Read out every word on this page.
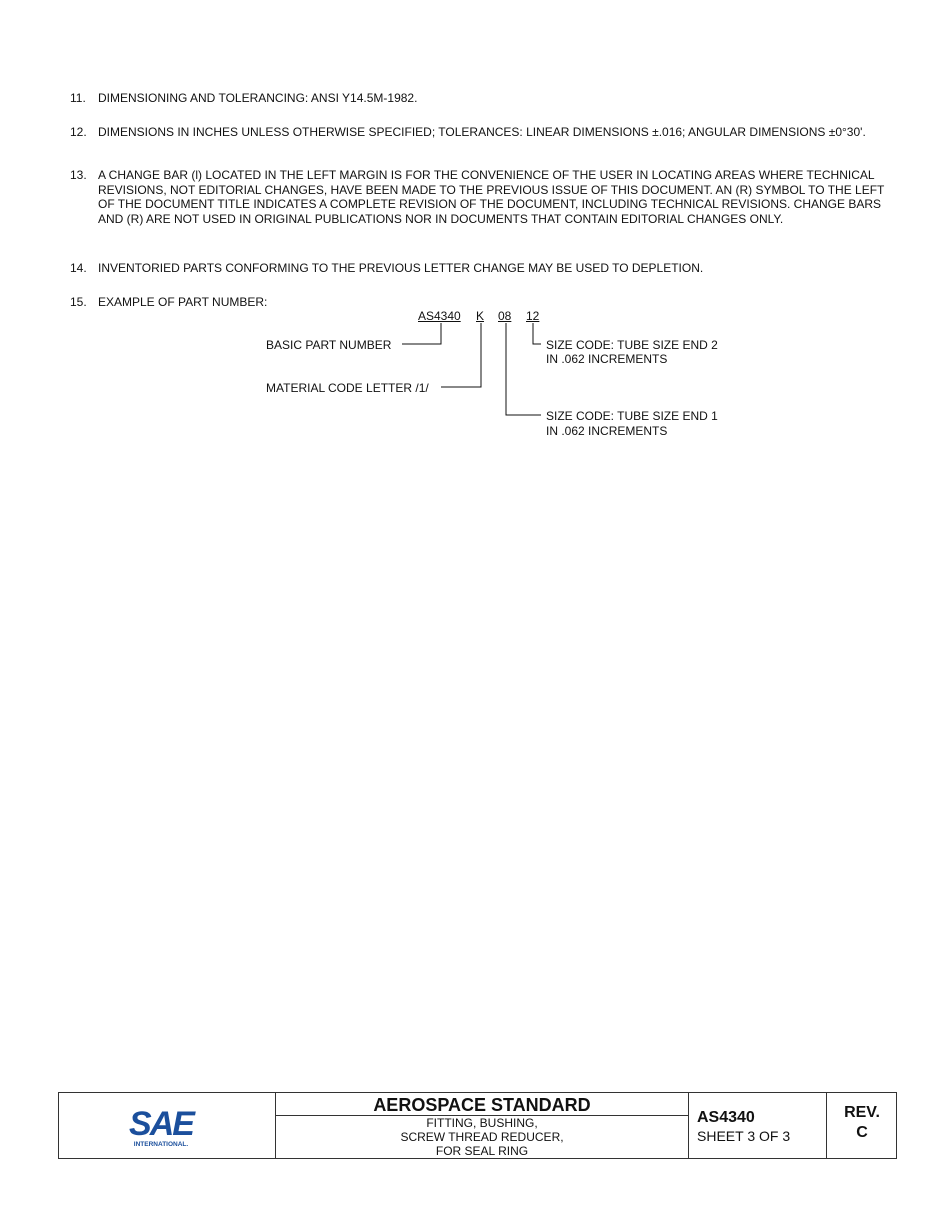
11.	DIMENSIONING AND TOLERANCING: ANSI Y14.5M-1982.
12. DIMENSIONS IN INCHES UNLESS OTHERWISE SPECIFIED; TOLERANCES: LINEAR DIMENSIONS ±.016; ANGULAR DIMENSIONS ±0°30'.
13. A CHANGE BAR (l) LOCATED IN THE LEFT MARGIN IS FOR THE CONVENIENCE OF THE USER IN LOCATING AREAS WHERE TECHNICAL REVISIONS, NOT EDITORIAL CHANGES, HAVE BEEN MADE TO THE PREVIOUS ISSUE OF THIS DOCUMENT. AN (R) SYMBOL TO THE LEFT OF THE DOCUMENT TITLE INDICATES A COMPLETE REVISION OF THE DOCUMENT, INCLUDING TECHNICAL REVISIONS. CHANGE BARS AND (R) ARE NOT USED IN ORIGINAL PUBLICATIONS NOR IN DOCUMENTS THAT CONTAIN EDITORIAL CHANGES ONLY.
14. INVENTORIED PARTS CONFORMING TO THE PREVIOUS LETTER CHANGE MAY BE USED TO DEPLETION.
15. EXAMPLE OF PART NUMBER:
AS4340 K 08 12
BASIC PART NUMBER
MATERIAL CODE LETTER /1/
SIZE CODE: TUBE SIZE END 2
IN .062 INCREMENTS
SIZE CODE: TUBE SIZE END 1
IN .062 INCREMENTS
SAE
INTERNATIONAL.
AEROSPACE STANDARD
FITTING, BUSHING,
SCREW THREAD REDUCER,
FOR SEAL RING
AS4340
SHEET 3 OF 3
REV.
C
